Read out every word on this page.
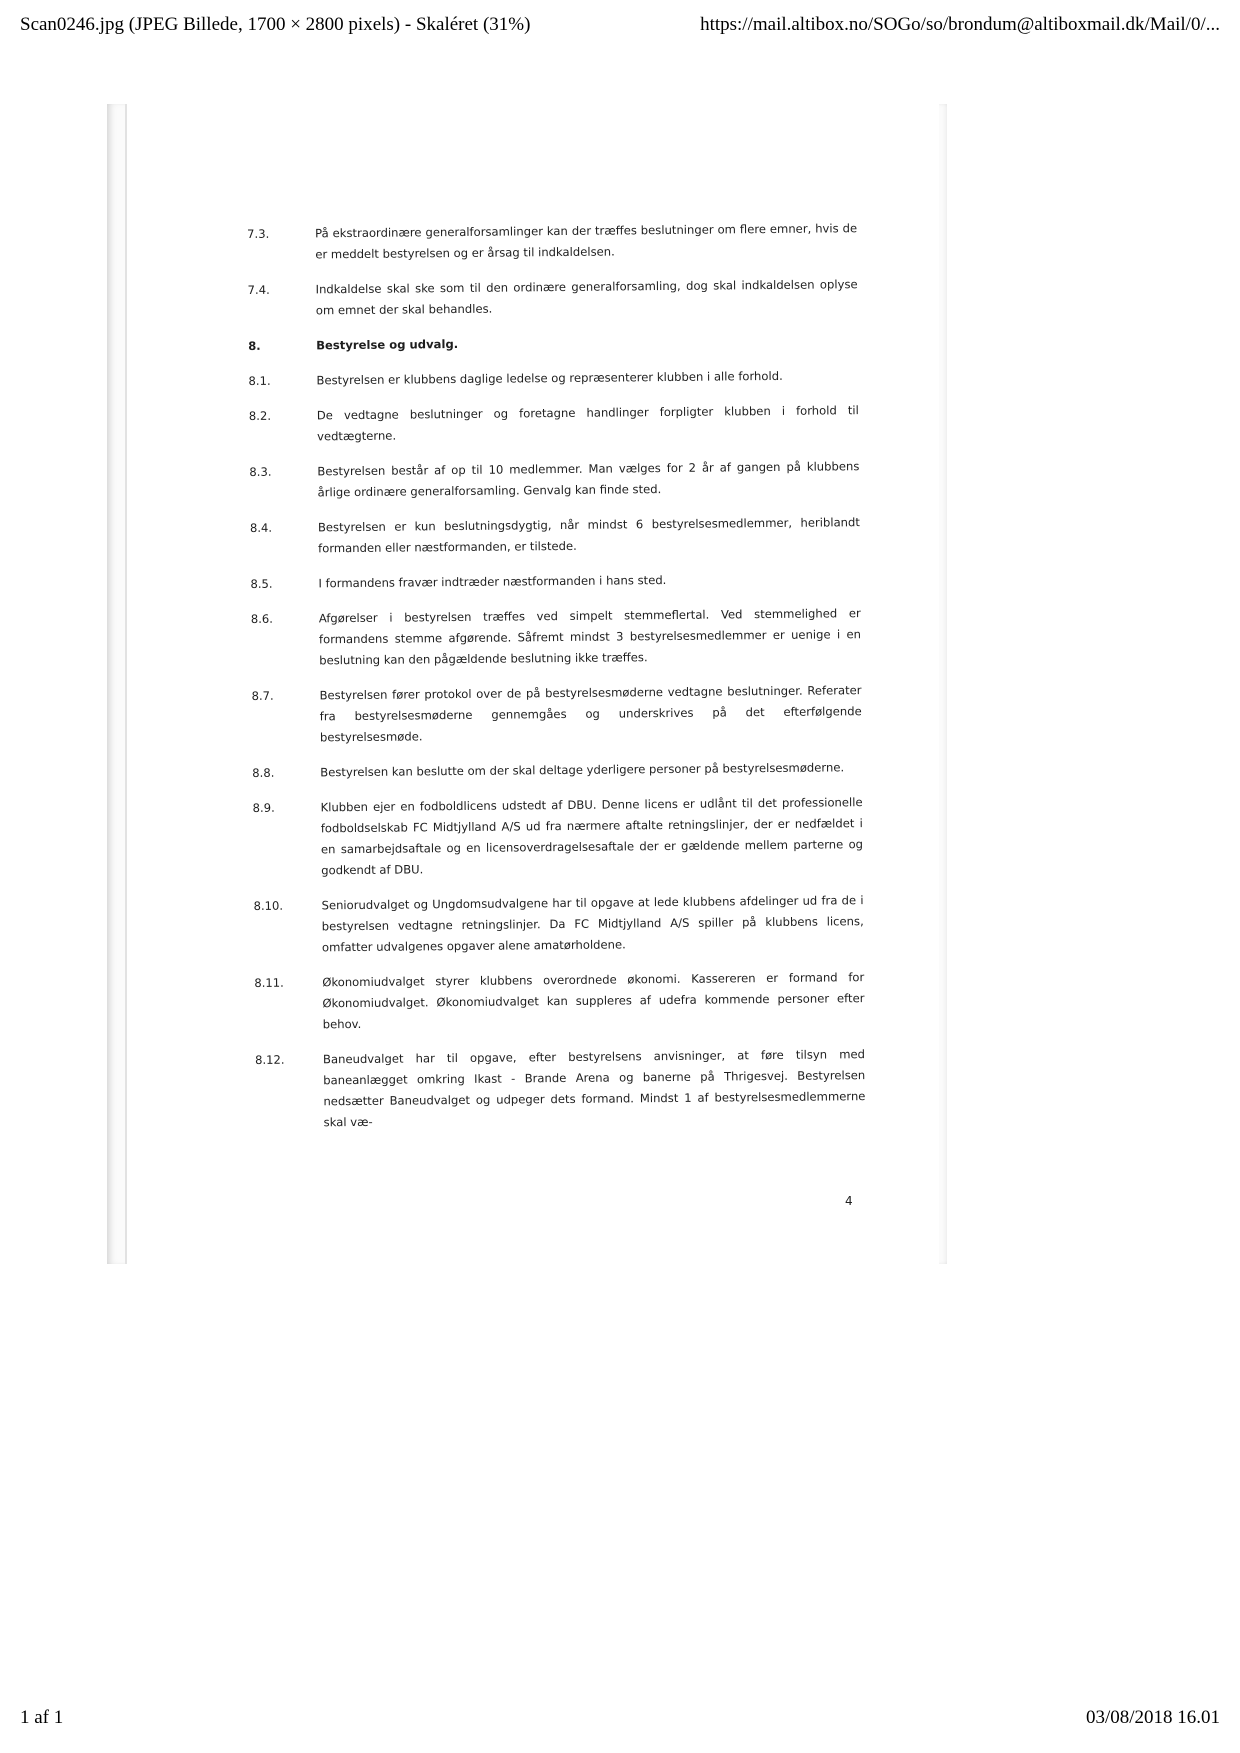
Scan0246.jpg (JPEG Billede, 1700 × 2800 pixels) - Skaléret (31%)	https://mail.altibox.no/SOGo/so/brondum@altiboxmail.dk/Mail/0/...
7.3.	På ekstraordinære generalforsamlinger kan der træffes beslutninger om flere emner, hvis de er meddelt bestyrelsen og er årsag til indkaldelsen.
7.4.	Indkaldelse skal ske som til den ordinære generalforsamling, dog skal indkaldelsen oplyse om emnet der skal behandles.
8.	Bestyrelse og udvalg.
8.1.	Bestyrelsen er klubbens daglige ledelse og repræsenterer klubben i alle forhold.
8.2.	De vedtagne beslutninger og foretagne handlinger forpligter klubben i forhold til vedtægterne.
8.3.	Bestyrelsen består af op til 10 medlemmer. Man vælges for 2 år af gangen på klubbens årlige ordinære generalforsamling. Genvalg kan finde sted.
8.4.	Bestyrelsen er kun beslutningsdygtig, når mindst 6 bestyrelsesmedlemmer, heriblandt formanden eller næstformanden, er tilstede.
8.5.	I formandens fravær indtræder næstformanden i hans sted.
8.6.	Afgørelser i bestyrelsen træffes ved simpelt stemmeflertal. Ved stemmelighed er formandens stemme afgørende. Såfremt mindst 3 bestyrelsesmedlemmer er uenige i en beslutning kan den pågældende beslutning ikke træffes.
8.7.	Bestyrelsen fører protokol over de på bestyrelsesmøderne vedtagne beslutninger. Referater fra bestyrelsesmøderne gennemgåes og underskrives på det efterfølgende bestyrelsesmøde.
8.8.	Bestyrelsen kan beslutte om der skal deltage yderligere personer på bestyrelsesmøderne.
8.9.	Klubben ejer en fodboldlicens udstedt af DBU. Denne licens er udlånt til det professionelle fodboldselskab FC Midtjylland A/S ud fra nærmere aftalte retningslinjer, der er nedfældet i en samarbejdsaftale og en licensoverdragelsesaftale der er gældende mellem parterne og godkendt af DBU.
8.10.	Seniorudvalget og Ungdomsudvalgene har til opgave at lede klubbens afdelinger ud fra de i bestyrelsen vedtagne retningslinjer. Da FC Midtjylland A/S spiller på klubbens licens, omfatter udvalgenes opgaver alene amatørholdene.
8.11.	Økonomiudvalget styrer klubbens overordnede økonomi. Kassereren er formand for Økonomiudvalget. Økonomiudvalget kan suppleres af udefra kommende personer efter behov.
8.12.	Baneudvalget har til opgave, efter bestyrelsens anvisninger, at føre tilsyn med baneanlægget omkring Ikast - Brande Arena og banerne på Thrigesvej. Bestyrelsen nedsætter Baneudvalget og udpeger dets formand. Mindst 1 af bestyrelsesmedlemmerne skal væ-
4
1 af 1	03/08/2018 16.01
